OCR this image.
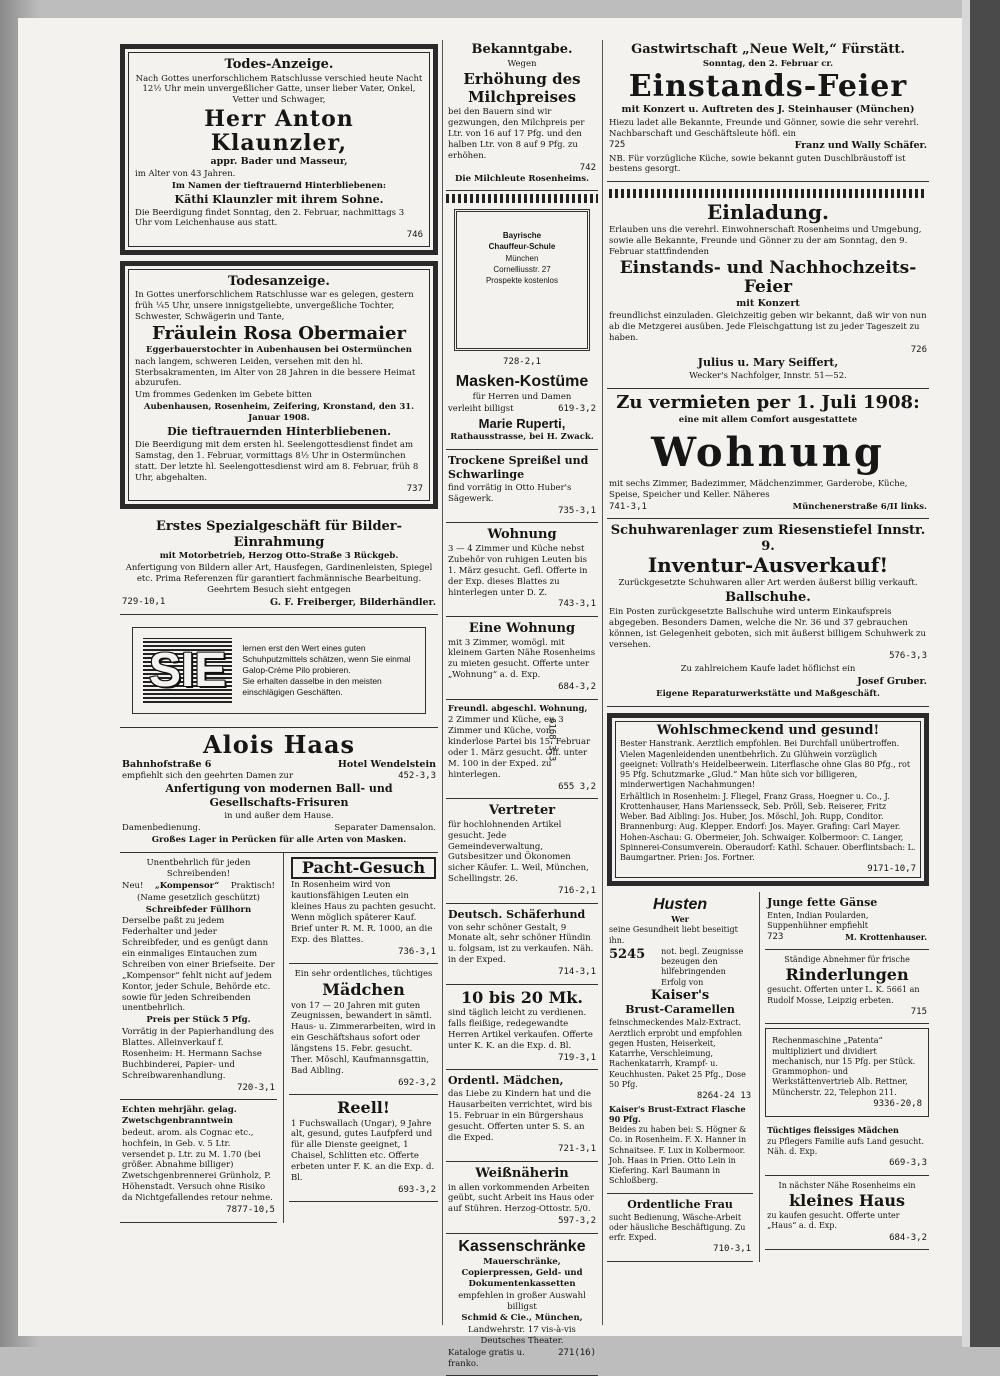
Todes-Anzeige.

Nach Gottes unerforschlichem Ratschlusse verschied heute Nacht 12½ Uhr mein unvergeßlicher Gatte, unser lieber Vater, Onkel, Vetter und Schwager,

Herr Anton Klaunzler,
appr. Bader und Masseur,

im Alter von 43 Jahren.

Im Namen der tieftrauernd Hinterbliebenen:

Käthi Klaunzler mit ihrem Sohne.

Die Beerdigung findet Sonntag, den 2. Februar, nachmittags 3 Uhr vom Leichenhause aus statt.

746
Todesanzeige.

In Gottes unerforschlichem Ratschlusse war es gelegen, gestern früh ¼5 Uhr, unsere innigstgeliebte, unvergeßliche Tochter, Schwester, Schwägerin und Tante,

Fräulein Rosa Obermaier
Eggerbauerstochter in Aubenhausen bei Ostermünchen

nach langem, schweren Leiden, versehen mit den hl. Sterbsakramenten, im Alter von 28 Jahren in die bessere Heimat abzurufen.

Um frommes Gedenken im Gebete bitten

Aubenhausen, Rosenheim, Zeifering, Kronstand, den 31. Januar 1908.

Die tieftrauernden Hinterbliebenen.

Die Beerdigung mit dem ersten hl. Seelengottesdienst findet am Samstag, den 1. Februar, vormittags 8½ Uhr in Ostermünchen statt. Der letzte hl. Seelengottesdienst wird am 8. Februar, früh 8 Uhr, abgehalten.

737
Erstes Spezialgeschäft für Bilder-Einrahmung

mit Motorbetrieb, Herzog Otto-Straße 3 Rückgeb.

Anfertigung von Bildern aller Art, Hausfegen, Gardinenleisten, Spiegel etc. Prima Referenzen für garantiert fachmännische Bearbeitung. Geehrtem Besuch sieht entgegen

729-10,1	G. F. Freiberger, Bilderhändler.
SIE	lernen erst den Wert eines guten Schuhputzmittels schätzen, wenn Sie einmal Galop-Crème Pilo probieren.

Sie erhalten dasselbe in den meisten einschlägigen Geschäften.

6168-3,3
Alois Haas
Bahnhofstraße 6	Hotel Wendelstein
empfiehlt sich den geehrten Damen zur	452-3,3
Anfertigung von modernen Ball- und Gesellschafts-Frisuren

in und außer dem Hause.

Damenbedienung.	Separater Damensalon.

Großes Lager in Perücken für alle Arten von Masken.

Unentbehrlich für jeden Schreibenden!

Neu! „Kompensor“ Praktisch!

(Name gesetzlich geschützt)

Schreibfeder Füllhorn

Derselbe paßt zu jedem Federhalter und jeder Schreibfeder, und es genügt dann ein einmaliges Eintauchen zum Schreiben von einer Briefseite. Der „Kompensor“ fehlt nicht auf jedem Kontor, jeder Schule, Behörde etc. sowie für jeden Schreibenden unentbehrlich.

Preis per Stück 5 Pfg.

Vorrätig in der Papierhandlung des Blattes. Alleinverkauf f. Rosenheim: H. Hermann Sachse Buchbinderei, Papier- und Schreibwarenhandlung.

720-3,1

Echten mehrjähr. gelag. Zwetschgenbranntwein

bedeut. arom. als Cognac etc., hochfein, in Geb. v. 5 Ltr. versendet p. Ltr. zu M. 1.70 (bei größer. Abnahme billiger) Zwetschgenbrennerei Grünholz, P. Höhenstadt. Versuch ohne Risiko da Nichtgefallendes retour nehme.

7877-10,5
Pacht-Gesuch

In Rosenheim wird von kautionsfähigen Leuten ein kleines Haus zu pachten gesucht. Wenn möglich späterer Kauf. Brief unter R. M. R. 1000, an die Exp. des Blattes.

736-3,1

Ein sehr ordentliches, tüchtiges

Mädchen

von 17 — 20 Jahren mit guten Zeugnissen, bewandert in sämtl. Haus- u. Zimmerarbeiten, wird in ein Geschäftshaus sofort oder längstens 15. Febr. gesucht. Ther. Möschl, Kaufmannsgattin, Bad Aibling.

692-3,2
Reell!

1 Fuchswallach (Ungar), 9 Jahre alt, gesund, gutes Laufpferd und für alle Dienste geeignet, 1 Chaisel, Schlitten etc. Offerte erbeten unter F. K. an die Exp. d. Bl.

693-3,2
Bekanntgabe.

Wegen

Erhöhung des Milchpreises

bei den Bauern sind wir gezwungen, den Milchpreis per Ltr. von 16 auf 17 Pfg. und den halben Ltr. von 8 auf 9 Pfg. zu erhöhen.

742
Die Milchleute Rosenheims.

Bayrische

Chauffeur-Schule

München

Cornelliusstr. 27

Prospekte kostenlos

728-2,1
Masken-Kostüme

für Herren und Damen

verleiht billigst	619-3,2
Marie Ruperti,

Rathausstrasse, bei H. Zwack.

Trockene Spreißel und Schwarlinge

find vorrätig in Otto Huber's Sägewerk.

735-3,1
Wohnung

3 — 4 Zimmer und Küche nebst Zubehör von ruhigen Leuten bis 1. März gesucht. Gefl. Offerte in der Exp. dieses Blattes zu hinterlegen unter D. Z.

743-3,1
Eine Wohnung

mit 3 Zimmer, womögl. mit kleinem Garten Nähe Rosenheims zu mieten gesucht. Offerte unter „Wohnung“ a. d. Exp.

684-3,2
Freundl. abgeschl. Wohnung,

2 Zimmer und Küche, ev. 3 Zimmer und Küche, von kinderlose Partei bis 15. Februar oder 1. März gesucht. Off. unter M. 100 in der Exped. zu hinterlegen.

655 3,2
Vertreter

für hochlohnenden Artikel gesucht. Jede Gemeindeverwaltung, Gutsbesitzer und Ökonomen sicher Käufer. L. Weil, München, Schellingstr. 26.

716-2,1
Deutsch. Schäferhund

von sehr schöner Gestalt, 9 Monate alt, sehr schöner Hündin u. folgsam, ist zu verkaufen. Näh. in der Exped.

714-3,1
10 bis 20 Mk.

sind täglich leicht zu verdienen. falls fleißige, redegewandte Herren Artikel verkaufen. Offerte unter K. K. an die Exp. d. Bl.

719-3,1
Ordentl. Mädchen,

das Liebe zu Kindern hat und die Hausarbeiten verrichtet, wird bis 15. Februar in ein Bürgershaus gesucht. Offerten unter S. S. an die Exped.

721-3,1
Weißnäherin

in allen vorkommenden Arbeiten geübt, sucht Arbeit ins Haus oder auf Stühren. Herzog-Ottostr. 5/0.

597-3,2
Kassenschränke

Mauerschränke, Copierpressen, Geld- und Dokumentenkassetten

empfehlen in großer Auswahl billigst

Schmid & Cie., München,

Landwehrstr. 17 vis-à-vis Deutsches Theater.

Kataloge gratis u. franko.
271(16)
Gastwirtschaft „Neue Welt,“ Fürstätt.

Sonntag, den 2. Februar cr.

Einstands-Feier

mit Konzert u. Auftreten des J. Steinhauser (München)

Hiezu ladet alle Bekannte, Freunde und Gönner, sowie die sehr verehrl. Nachbarschaft und Geschäftsleute höfl. ein

725	Franz und Wally Schäfer.

NB. Für vorzügliche Küche, sowie bekannt guten Duschlbräustoff ist bestens gesorgt.

Einladung.

Erlauben uns die verehrl. Einwohnerschaft Rosenheims und Umgebung, sowie alle Bekannte, Freunde und Gönner zu der am Sonntag, den 9. Februar stattfindenden

Einstands- und Nachhochzeits-Feier
mit Konzert

freundlichst einzuladen. Gleichzeitig geben wir bekannt, daß wir von nun ab die Metzgerei ausüben. Jede Fleischgattung ist zu jeder Tageszeit zu haben.

726
Julius u. Mary Seiffert,

Wecker's Nachfolger, Innstr. 51—52.

Zu vermieten per 1. Juli 1908:

eine mit allem Comfort ausgestattete

Wohnung

mit sechs Zimmer, Badezimmer, Mädchenzimmer, Garderobe, Küche, Speise, Speicher und Keller. Näheres

741-3,1	Münchenerstraße 6/II links.
Schuhwarenlager zum Riesenstiefel Innstr. 9.
Inventur-Ausverkauf!

Zurückgesetzte Schuhwaren aller Art werden äußerst billig verkauft.

Ballschuhe.

Ein Posten zurückgesetzte Ballschuhe wird unterm Einkaufspreis abgegeben. Besonders Damen, welche die Nr. 36 und 37 gebrauchen können, ist Gelegenheit geboten, sich mit äußerst billigem Schuhwerk zu versehen.

576-3,3

Zu zahlreichem Kaufe ladet höflichst ein

Josef Gruber.

Eigene Reparaturwerkstätte und Maßgeschäft.

Wohlschmeckend und gesund!

Bester Hanstrank. Aerztlich empfohlen. Bei Durchfall unübertroffen. Vielen Magenleidenden unentbehrlich. Zu Glühwein vorzüglich geeignet: Vollrath's Heidelbeerwein. Literflasche ohne Glas 80 Pfg., rot 95 Pfg. Schutzmarke „Glud.“ Man hüte sich vor billigeren, minderwertigen Nachahmungen!

Erhältlich in Rosenheim: J. Fliegel, Franz Grass, Hoegner u. Co., J. Krottenhauser, Hans Mariensseck, Seb. Pröll, Seb. Reiserer, Fritz Weber. Bad Aibling: Jos. Huber, Jos. Möschl, Joh. Rupp, Conditor. Brannenburg: Aug. Klepper. Endorf: Jos. Mayer. Grafing: Carl Mayer. Hohen-Aschau: G. Obermeier, Joh. Schwaiger. Kolbermoor: C. Langer, Spinnerei-Consumverein. Oberaudorf: Kathl. Schauer. Oberflintsbach: L. Baumgartner. Prien: Jos. Fortner.

9171-10,7
Husten
Wer

seine Gesundheit liebt beseitigt ihn.

5245 not. begl. Zeugnisse bezeugen den hilfebringenden Erfolg von
Kaiser's
Brust-Caramellen

feinschmeckendes Malz-Extract. Aerztlich erprobt und empfohlen gegen Husten, Heiserkeit, Katarrhe, Verschleimung, Rachenkatarrh, Krampf- u. Keuchhusten. Paket 25 Pfg., Dose 50 Pfg.

8264-24 13

Kaiser's Brust-Extract Flasche 90 Pfg.

Beides zu haben bei: S. Högner & Co. in Rosenheim. F. X. Hanner in Schnaitsee. F. Lux in Kolbermoor. Joh. Haas in Prien. Otto Lein in Kiefering. Karl Baumann in Schloßberg.

Ordentliche Frau

sucht Bedienung, Wäsche-Arbeit oder häusliche Beschäftigung. Zu erfr. Exped.

710-3,1
Junge fette Gänse

Enten, Indian Poularden, Suppenhühner empfiehlt

723	M. Krottenhauser.

Ständige Abnehmer für frische

Rinderlungen

gesucht. Offerten unter L. K. 5661 an Rudolf Mosse, Leipzig erbeten.

715

Rechenmaschine „Patenta“ multipliziert und dividiert mechanisch, nur 15 Pfg. per Stück. Grammophon- und Werkstättenvertrieb Alb. Rettner, Müncherstr. 22, Telephon 211.

9336-20,8
Tüchtiges fleissiges Mädchen

zu Pflegers Familie aufs Land gesucht. Näh. d. Exp.

669-3,3

In nächster Nähe Rosenheims ein

kleines Haus

zu kaufen gesucht. Offerte unter „Haus“ a. d. Exp.

684-3,2
